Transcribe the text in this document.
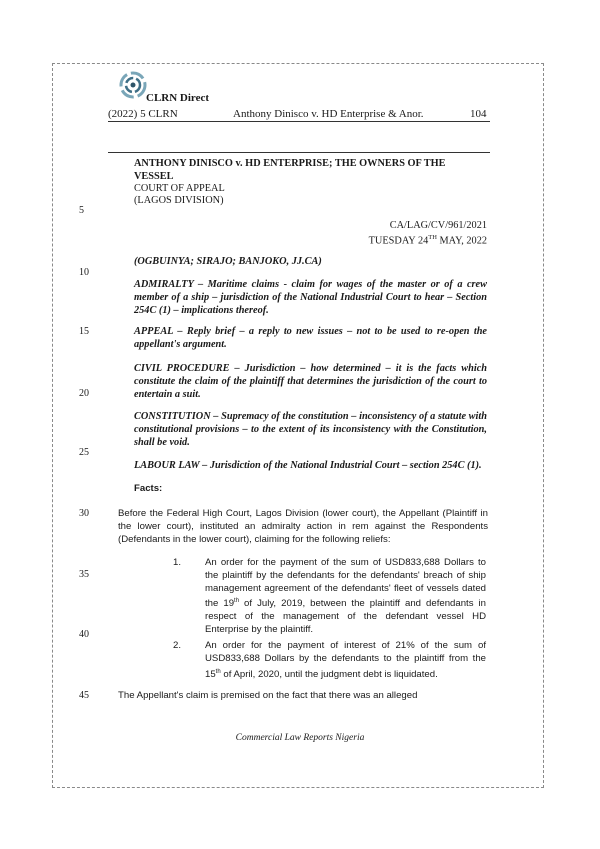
CLRN Direct
(2022) 5 CLRN	Anthony Dinisco v. HD Enterprise & Anor.	104
5
10
15
20
25
30
35
40
45
ANTHONY DINISCO v. HD ENTERPRISE; THE OWNERS OF THE VESSEL
COURT OF APPEAL
(LAGOS DIVISION)
CA/LAG/CV/961/2021
TUESDAY 24TH MAY, 2022
(OGBUINYA; SIRAJO; BANJOKO, JJ.CA)
ADMIRALTY – Maritime claims - claim for wages of the master or of a crew member of a ship – jurisdiction of the National Industrial Court to hear – Section 254C (1) – implications thereof.
APPEAL – Reply brief – a reply to new issues – not to be used to re-open the appellant's argument.
CIVIL PROCEDURE – Jurisdiction – how determined – it is the facts which constitute the claim of the plaintiff that determines the jurisdiction of the court to entertain a suit.
CONSTITUTION – Supremacy of the constitution – inconsistency of a statute with constitutional provisions – to the extent of its inconsistency with the Constitution, shall be void.
LABOUR LAW – Jurisdiction of the National Industrial Court – section 254C (1).
Facts:
Before the Federal High Court, Lagos Division (lower court), the Appellant (Plaintiff in the lower court), instituted an admiralty action in rem against the Respondents (Defendants in the lower court), claiming for the following reliefs:
1. An order for the payment of the sum of USD833,688 Dollars to the plaintiff by the defendants for the defendants' breach of ship management agreement of the defendants' fleet of vessels dated the 19th of July, 2019, between the plaintiff and defendants in respect of the management of the defendant vessel HD Enterprise by the plaintiff.
2. An order for the payment of interest of 21% of the sum of USD833,688 Dollars by the defendants to the plaintiff from the 15th of April, 2020, until the judgment debt is liquidated.
The Appellant's claim is premised on the fact that there was an alleged
Commercial Law Reports Nigeria
